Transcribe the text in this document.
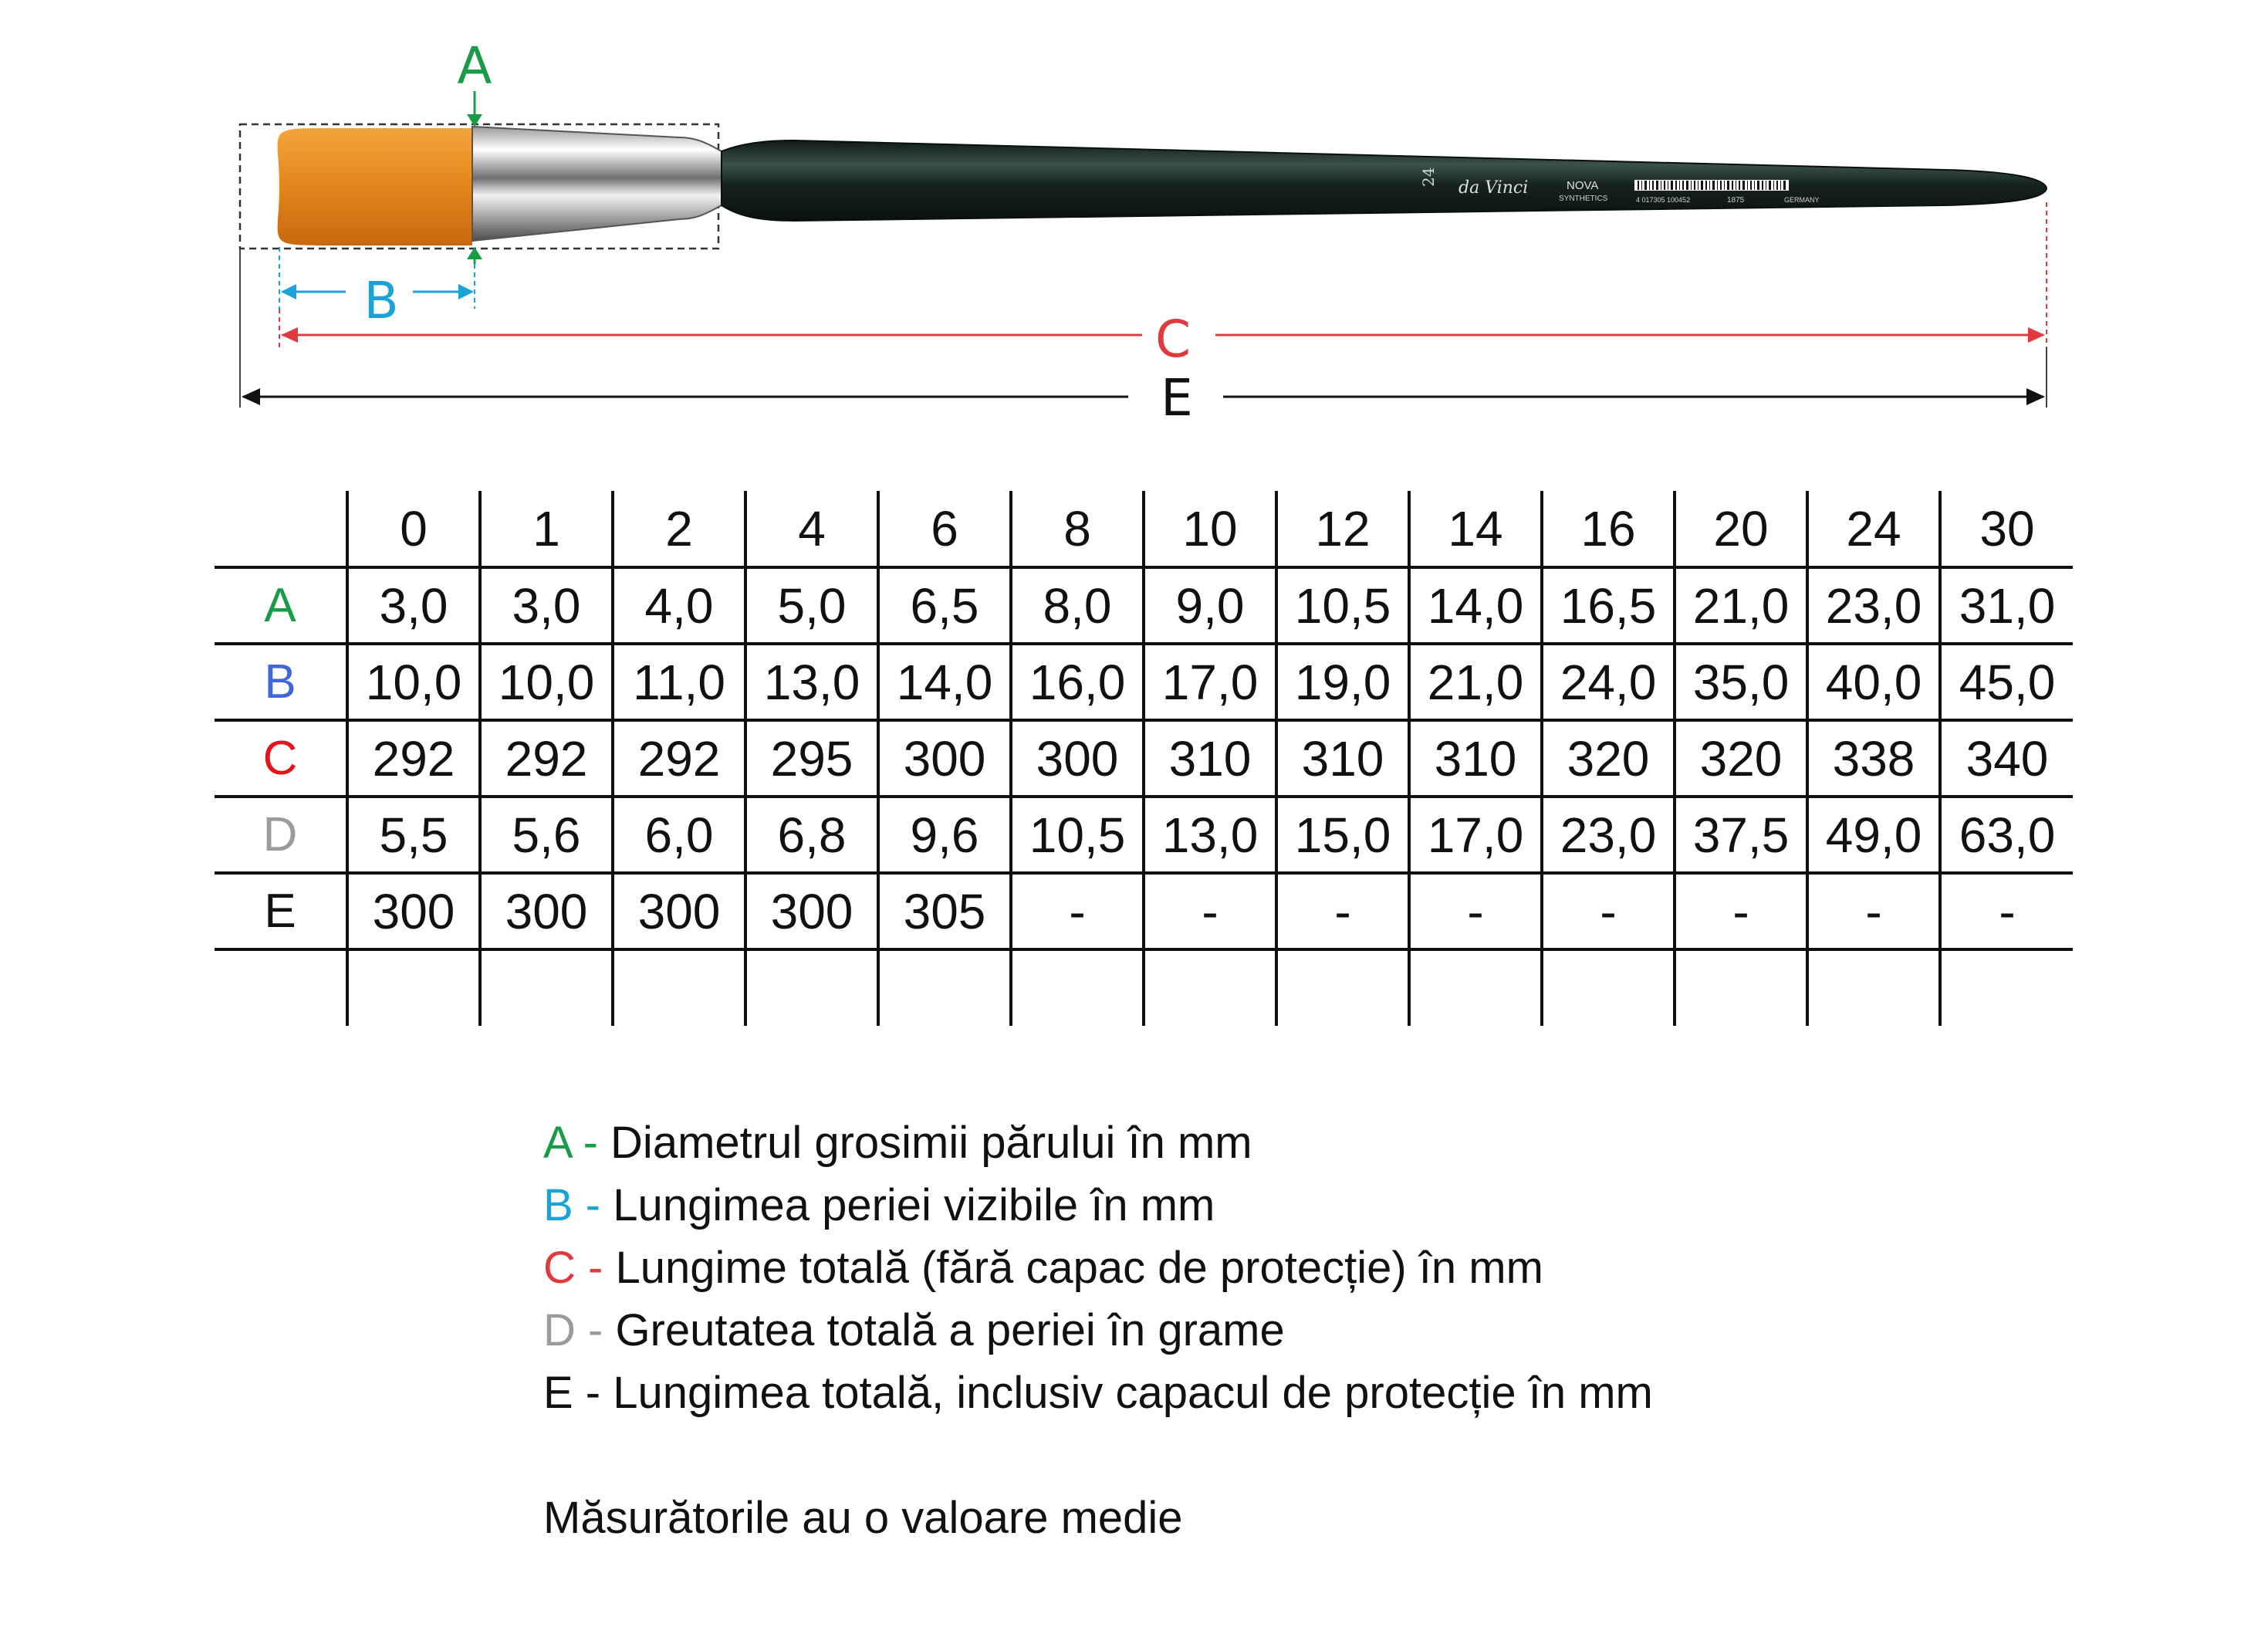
24
da Vinci	NOVA
SYNTHETICS	4 017305 100452	1875	GERMANY
A
B
C
E
	0	1	2	4	6	8	10	12	14	16	20	24	30
A	3,0	3,0	4,0	5,0	6,5	8,0	9,0	10,5	14,0	16,5	21,0	23,0	31,0
B	10,0	10,0	11,0	13,0	14,0	16,0	17,0	19,0	21,0	24,0	35,0	40,0	45,0
C	292	292	292	295	300	300	310	310	310	320	320	338	340
D	5,5	5,6	6,0	6,8	9,6	10,5	13,0	15,0	17,0	23,0	37,5	49,0	63,0
E	300	300	300	300	305	-	-	-	-	-	-	-	-

A - Diametrul grosimii părului în mm
B - Lungimea periei vizibile în mm
C - Lungime totală (fără capac de protecție) în mm
D - Greutatea totală a periei în grame
E - Lungimea totală, inclusiv capacul de protecție în mm
Măsurătorile au o valoare medie
